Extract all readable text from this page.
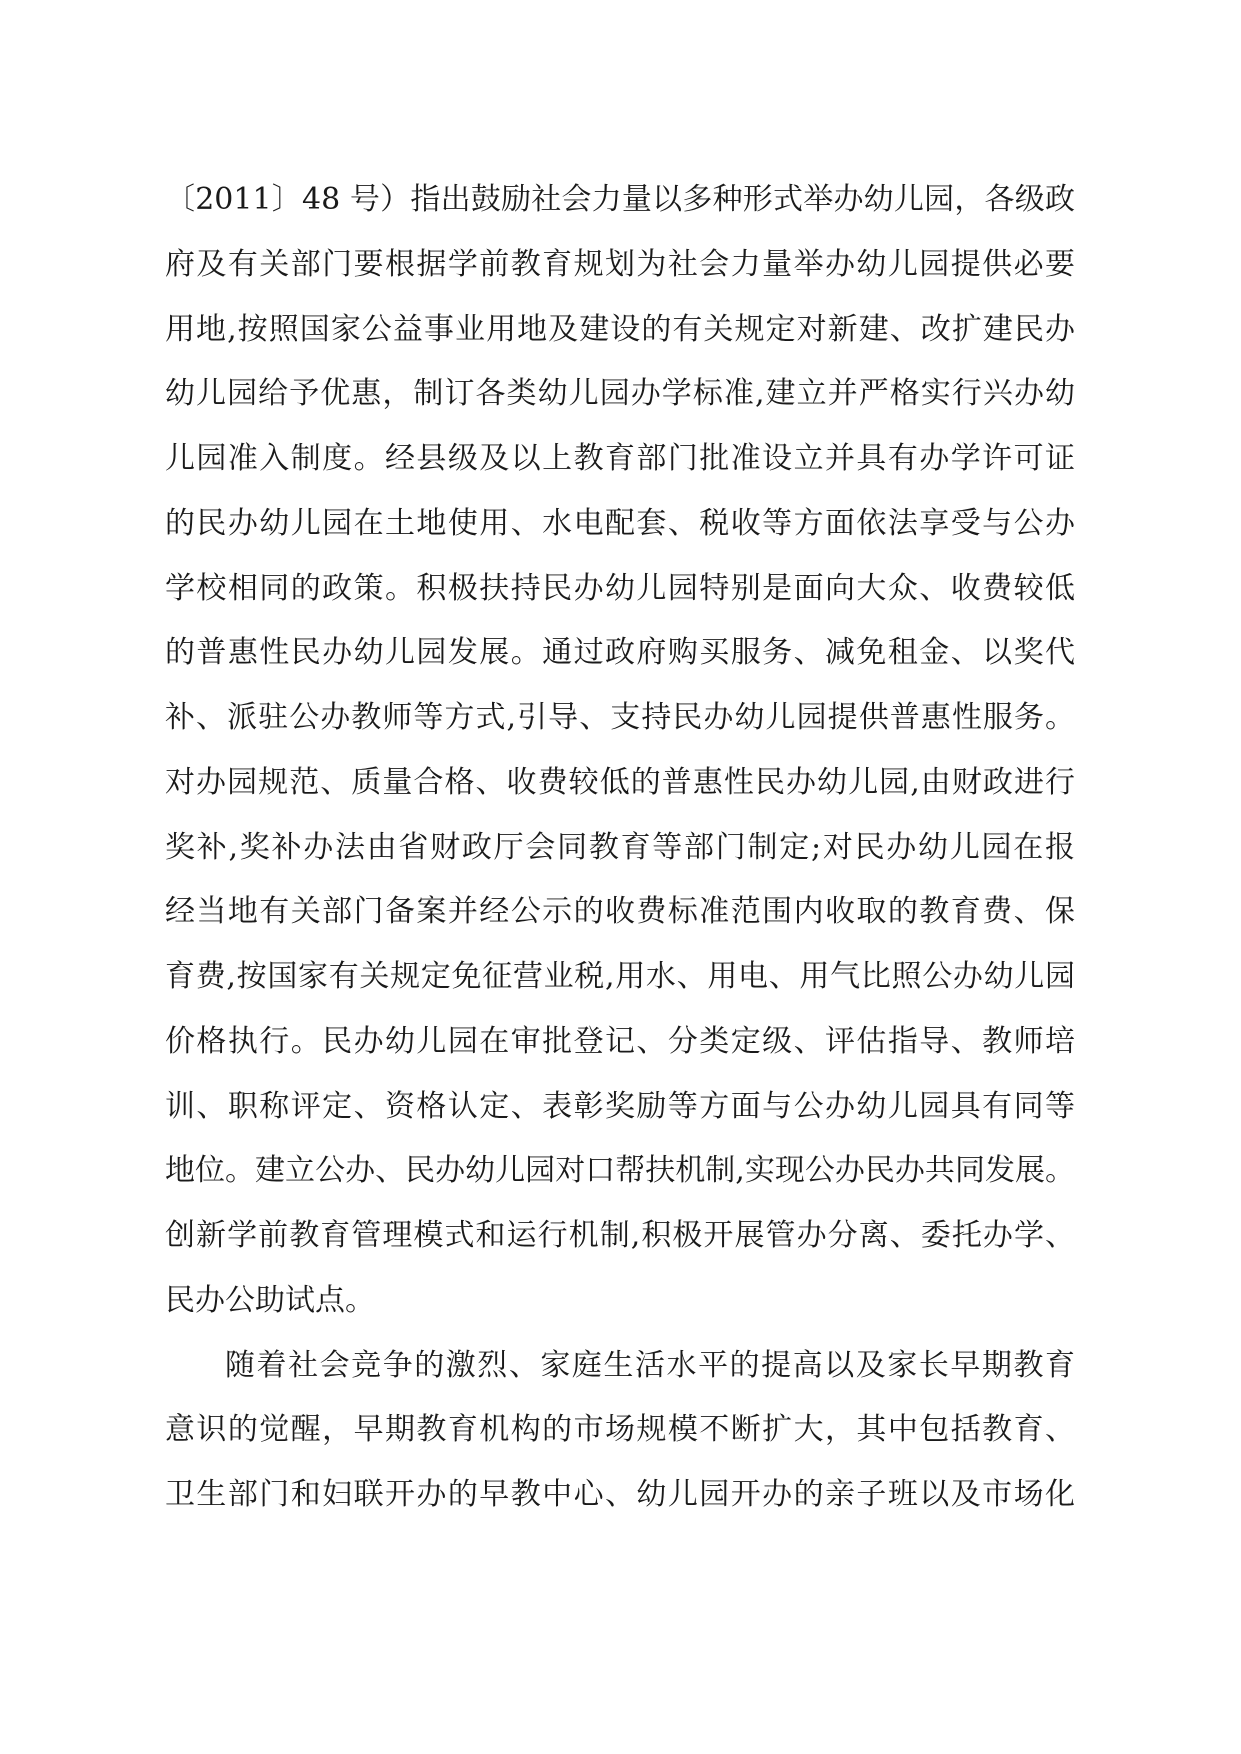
〔2011〕48 号）指出鼓励社会力量以多种形式举办幼儿园，各级政
府及有关部门要根据学前教育规划为社会力量举办幼儿园提供必要
用地,按照国家公益事业用地及建设的有关规定对新建、改扩建民办
幼儿园给予优惠，制订各类幼儿园办学标准,建立并严格实行兴办幼
儿园准入制度。经县级及以上教育部门批准设立并具有办学许可证
的民办幼儿园在土地使用、水电配套、税收等方面依法享受与公办
学校相同的政策。积极扶持民办幼儿园特别是面向大众、收费较低
的普惠性民办幼儿园发展。通过政府购买服务、减免租金、以奖代
补、派驻公办教师等方式,引导、支持民办幼儿园提供普惠性服务。
对办园规范、质量合格、收费较低的普惠性民办幼儿园,由财政进行
奖补,奖补办法由省财政厅会同教育等部门制定;对民办幼儿园在报
经当地有关部门备案并经公示的收费标准范围内收取的教育费、保
育费,按国家有关规定免征营业税,用水、用电、用气比照公办幼儿园
价格执行。民办幼儿园在审批登记、分类定级、评估指导、教师培
训、职称评定、资格认定、表彰奖励等方面与公办幼儿园具有同等
地位。建立公办、民办幼儿园对口帮扶机制,实现公办民办共同发展。
创新学前教育管理模式和运行机制,积极开展管办分离、委托办学、
民办公助试点。
随着社会竞争的激烈、家庭生活水平的提高以及家长早期教育
意识的觉醒，早期教育机构的市场规模不断扩大，其中包括教育、
卫生部门和妇联开办的早教中心、幼儿园开办的亲子班以及市场化
